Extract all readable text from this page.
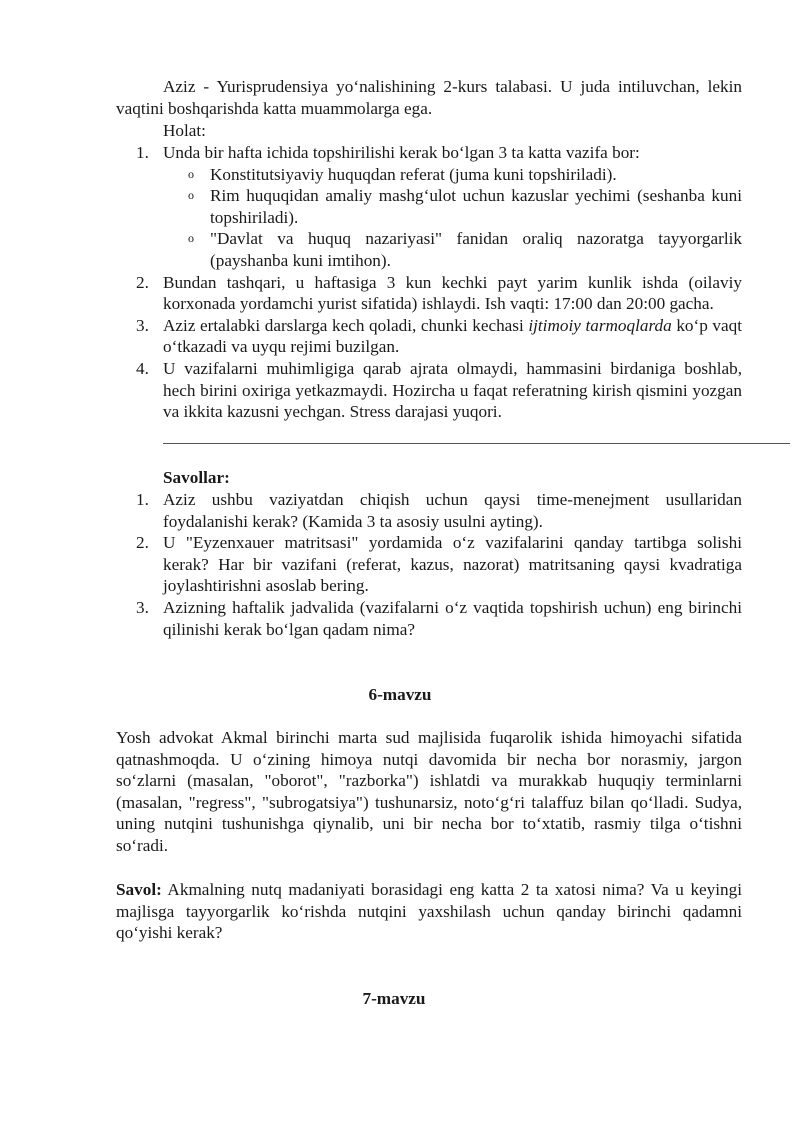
Aziz - Yurisprudensiya yo‘nalishining 2-kurs talabasi. U juda intiluvchan, lekin vaqtini boshqarishda katta muammolarga ega.
Holat:
1. Unda bir hafta ichida topshirilishi kerak bo‘lgan 3 ta katta vazifa bor:
o Konstitutsiyaviy huquqdan referat (juma kuni topshiriladi).
o Rim huquqidan amaliy mashg‘ulot uchun kazuslar yechimi (seshanba kuni topshiriladi).
o "Davlat va huquq nazariyasi" fanidan oraliq nazoratga tayyorgarlik (payshanba kuni imtihon).
2. Bundan tashqari, u haftasiga 3 kun kechki payt yarim kunlik ishda (oilaviy korxonada yordamchi yurist sifatida) ishlaydi. Ish vaqti: 17:00 dan 20:00 gacha.
3. Aziz ertalabki darslarga kech qoladi, chunki kechasi ijtimoiy tarmoqlarda ko‘p vaqt o‘tkazadi va uyqu rejimi buzilgan.
4. U vazifalarni muhimligiga qarab ajrata olmaydi, hammasini birdaniga boshlab, hech birini oxiriga yetkazmaydi. Hozircha u faqat referatning kirish qismini yozgan va ikkita kazusni yechgan. Stress darajasi yuqori.
Savollar:
1. Aziz ushbu vaziyatdan chiqish uchun qaysi time-menejment usullaridan foydalanishi kerak? (Kamida 3 ta asosiy usulni ayting).
2. U "Eyzenxauer matritsasi" yordamida o‘z vazifalarini qanday tartibga solishi kerak? Har bir vazifani (referat, kazus, nazorat) matritsaning qaysi kvadratiga joylashtirishni asoslab bering.
3. Azizning haftalik jadvalida (vazifalarni o‘z vaqtida topshirish uchun) eng birinchi qilinishi kerak bo‘lgan qadam nima?
6-mavzu
Yosh advokat Akmal birinchi marta sud majlisida fuqarolik ishida himoyachi sifatida qatnashmoqda. U o‘zining himoya nutqi davomida bir necha bor norasmiy, jargon so‘zlarni (masalan, "oborot", "razborka") ishlatdi va murakkab huquqiy terminlarni (masalan, "regress", "subrogatsiya") tushunarsiz, noto‘g‘ri talaffuz bilan qo‘lladi. Sudya, uning nutqini tushunishga qiynalib, uni bir necha bor to‘xtatib, rasmiy tilga o‘tishni so‘radi.
Savol: Akmalning nutq madaniyati borasidagi eng katta 2 ta xatosi nima? Va u keyingi majlisga tayyorgarlik ko‘rishda nutqini yaxshilash uchun qanday birinchi qadamni qo‘yishi kerak?
7-mavzu
